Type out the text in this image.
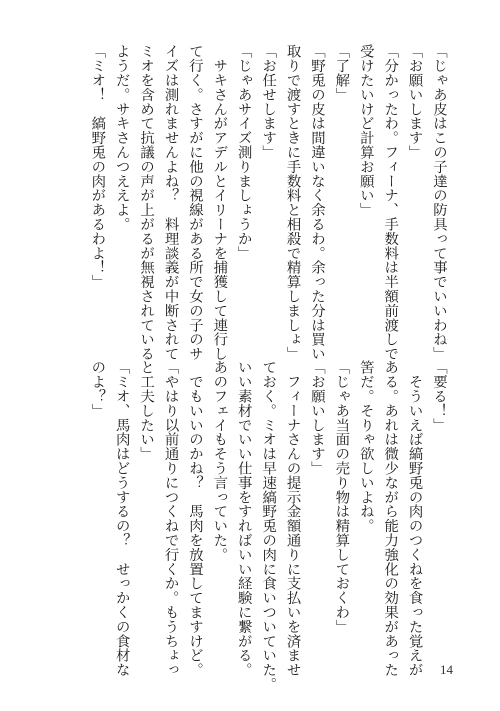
「じゃあ皮はこの子達の防具って事でいいわね」
「お願いします」
「分かったわ。フィーナ、手数料は半額前渡しで
受けたいけど計算お願い」
「了解」
「野兎の皮は間違いなく余るわ。余った分は買い
取りで渡すときに手数料と相殺で精算しましょ」
「お任せします」
「じゃあサイズ測りましょうか」
　サキさんがアデルとイリーナを捕獲して連行し
て行く。さすがに他の視線がある所で女の子のサ
イズは測れませんよね？　料理談義が中断されて
ミオを含めて抗議の声が上がるが無視されている
ようだ。サキさんつええよ。
「ミオ！　縞野兎の肉があるわよ！」
「要る！」
　そういえば縞野兎の肉のつくねを食った覚えが
ある。あれは微少ながら能力強化の効果があった
筈だ。そりゃ欲しいよね。
「じゃあ当面の売り物は精算しておくわ」
「お願いします」
　フィーナさんの提示金額通りに支払いを済ませ
ておく。ミオは早速縞野兎の肉に食いついていた。
いい素材でいい仕事をすればいい経験に繋がる。
あのフェイもそう言っていた。
　でもいいのかね？　馬肉を放置してますけど。
「やはり以前通りにつくねで行くか。もうちょっ
と工夫したい」
「ミオ、馬肉はどうするの？　せっかくの食材な
のよ？」
14
